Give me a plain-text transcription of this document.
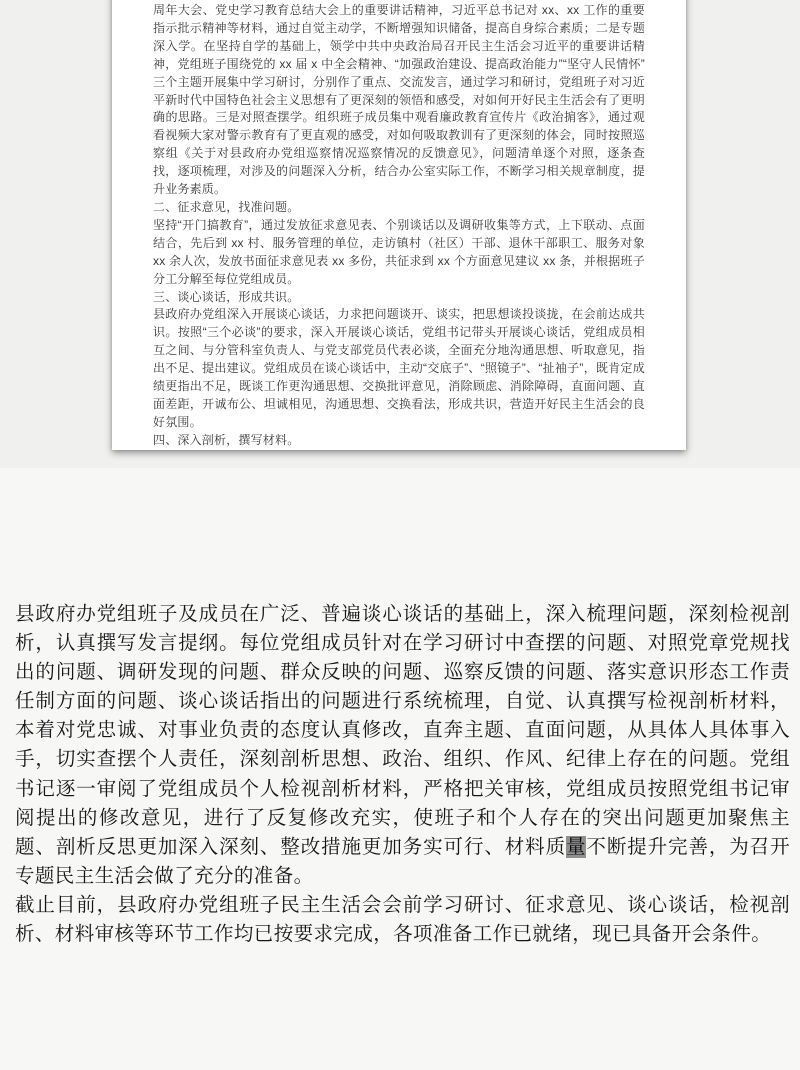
周年大会、党史学习教育总结大会上的重要讲话精神，习近平总书记对 xx、xx 工作的重要指示批示精神等材料，通过自觉主动学，不断增强知识储备，提高自身综合素质；二是专题深入学。在坚持自学的基础上，领学中共中央政治局召开民主生活会习近平的重要讲话精神，党组班子围绕党的 xx 届 x 中全会精神、“加强政治建设、提高政治能力”“坚守人民情怀”三个主题开展集中学习研讨，分别作了重点、交流发言，通过学习和研讨，党组班子对习近平新时代中国特色社会主义思想有了更深刻的领悟和感受，对如何开好民主生活会有了更明确的思路。三是对照查摆学。组织班子成员集中观看廉政教育宣传片《政治掮客》，通过观看视频大家对警示教育有了更直观的感受，对如何吸取教训有了更深刻的体会，同时按照巡察组《关于对县政府办党组巡察情况巡察情况的反馈意见》，问题清单逐个对照，逐条查找，逐项梳理，对涉及的问题深入分析，结合办公室实际工作，不断学习相关规章制度，提升业务素质。

二、征求意见，找准问题。

坚持“开门搞教育”，通过发放征求意见表、个别谈话以及调研收集等方式，上下联动、点面结合，先后到 xx 村、服务管理的单位，走访镇村（社区）干部、退休干部职工、服务对象 xx 余人次，发放书面征求意见表 xx 多份，共征求到 xx 个方面意见建议 xx 条，并根据班子分工分解至每位党组成员。

三、谈心谈话，形成共识。

县政府办党组深入开展谈心谈话，力求把问题谈开、谈实，把思想谈投谈拢，在会前达成共识。按照“三个必谈”的要求，深入开展谈心谈话，党组书记带头开展谈心谈话，党组成员相互之间、与分管科室负责人、与党支部党员代表必谈，全面充分地沟通思想、听取意见，指出不足、提出建议。党组成员在谈心谈话中，主动“交底子”、“照镜子”、“扯袖子”，既肯定成绩更指出不足，既谈工作更沟通思想、交换批评意见，消除顾虑、消除障碍，直面问题、直面差距，开诚布公、坦诚相见，沟通思想、交换看法，形成共识，营造开好民主生活会的良好氛围。

四、深入剖析，撰写材料。

县政府办党组班子及成员在广泛、普遍谈心谈话的基础上，深入梳理问题，深刻检视剖析，认真撰写发言提纲。每位党组成员针对在学习研讨中查摆的问题、对照党章党规找出的问题、调研发现的问题、群众反映的问题、巡察反馈的问题、落实意识形态工作责任制方面的问题、谈心谈话指出的问题进行系统梳理，自觉、认真撰写检视剖析材料，本着对党忠诚、对事业负责的态度认真修改，直奔主题、直面问题，从具体人具体事入手，切实查摆个人责任，深刻剖析思想、政治、组织、作风、纪律上存在的问题。党组书记逐一审阅了党组成员个人检视剖析材料，严格把关审核，党组成员按照党组书记审阅提出的修改意见，进行了反复修改充实，使班子和个人存在的突出问题更加聚焦主题、剖析反思更加深入深刻、整改措施更加务实可行、材料质量不断提升完善，为召开专题民主生活会做了充分的准备。

截止目前，县政府办党组班子民主生活会会前学习研讨、征求意见、谈心谈话，检视剖析、材料审核等环节工作均已按要求完成，各项准备工作已就绪，现已具备开会条件。
